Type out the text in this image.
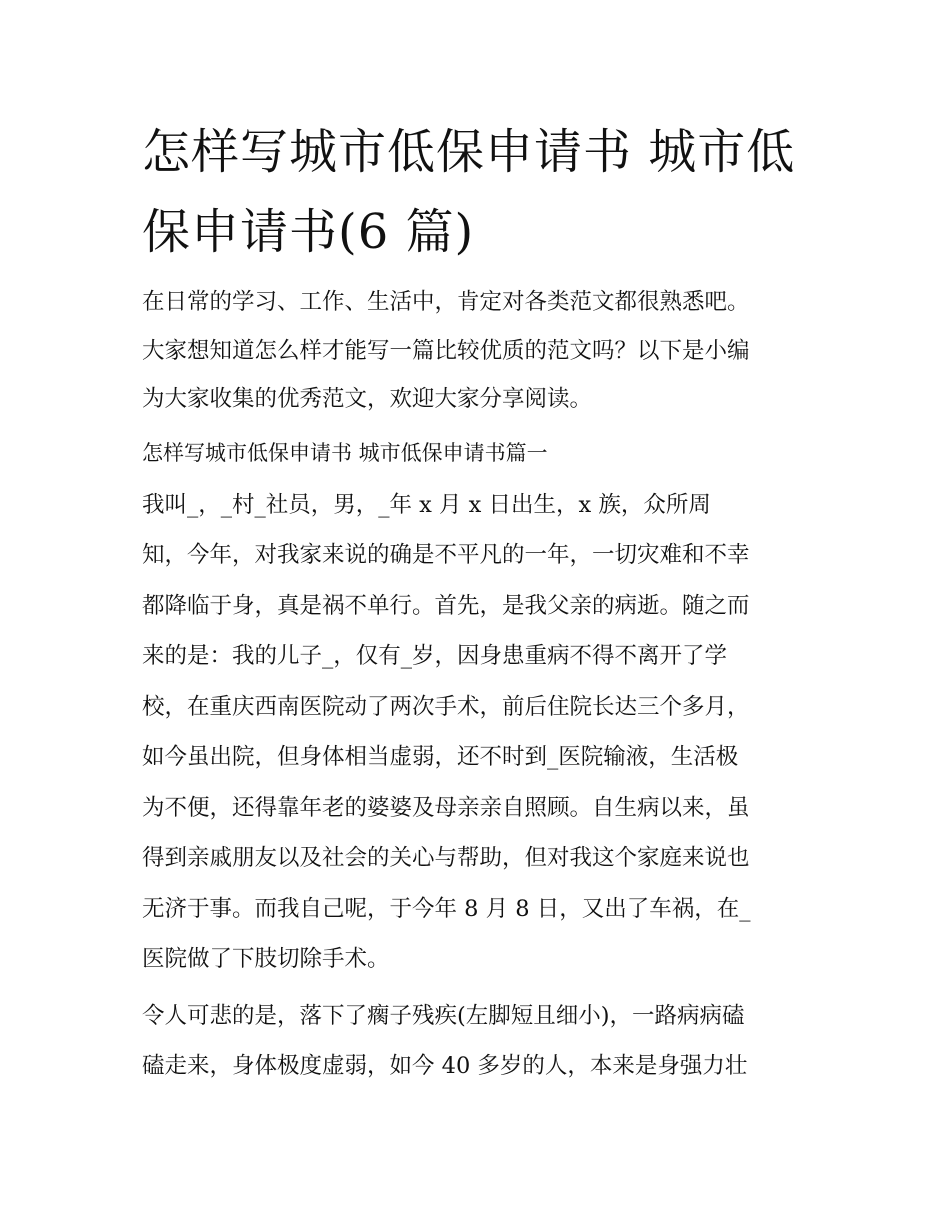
怎样写城市低保申请书 城市低
保申请书(6 篇)

在日常的学习、工作、生活中，肯定对各类范文都很熟悉吧。
大家想知道怎么样才能写一篇比较优质的范文吗？以下是小编
为大家收集的优秀范文，欢迎大家分享阅读。

怎样写城市低保申请书 城市低保申请书篇一

我叫_，_村_社员，男，_年 x 月 x 日出生，x 族，众所周
知，今年，对我家来说的确是不平凡的一年，一切灾难和不幸
都降临于身，真是祸不单行。首先，是我父亲的病逝。随之而
来的是：我的儿子_，仅有_岁，因身患重病不得不离开了学
校，在重庆西南医院动了两次手术，前后住院长达三个多月，
如今虽出院，但身体相当虚弱，还不时到_医院输液，生活极
为不便，还得靠年老的婆婆及母亲亲自照顾。自生病以来，虽
得到亲戚朋友以及社会的关心与帮助，但对我这个家庭来说也
无济于事。而我自己呢，于今年 8 月 8 日，又出了车祸，在_
医院做了下肢切除手术。

令人可悲的是，落下了瘸子残疾(左脚短且细小)，一路病病磕
磕走来，身体极度虚弱，如今 40 多岁的人，本来是身强力壮
